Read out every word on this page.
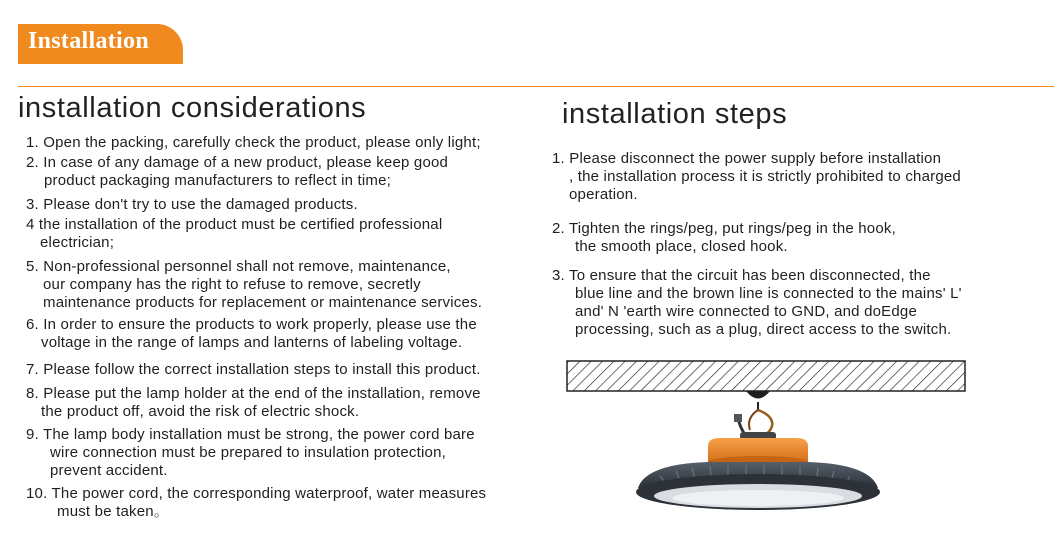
Installation
installation considerations	installation steps
1. Open the packing, carefully check the product, please only light;
2. In case of any damage of a new product, please keep good
product packaging manufacturers to reflect in time;
3. Please don't try to use the damaged products.
4 the installation of the product must be certified professional
electrician;
5. Non-professional personnel shall not remove, maintenance,
our company has the right to refuse to remove, secretly
maintenance products for replacement or maintenance services.
6. In order to ensure the products to work properly, please use the
voltage in the range of lamps and lanterns of labeling voltage.
7. Please follow the correct installation steps to install this product.
8. Please put the lamp holder at the end of the installation, remove
the product off, avoid the risk of electric shock.
9. The lamp body installation must be strong, the power cord bare
wire connection must be prepared to insulation protection,
prevent accident.
10. The power cord, the corresponding waterproof, water measures
must be taken。
1. Please disconnect the power supply before installation
, the installation process it is strictly prohibited to charged
operation.
2. Tighten the rings/peg, put rings/peg in the hook,
the smooth place, closed hook.
3. To ensure that the circuit has been disconnected, the
blue line and the brown line is connected to the mains' L'
and' N 'earth wire connected to GND, and doEdge
processing, such as a plug, direct access to the switch.
